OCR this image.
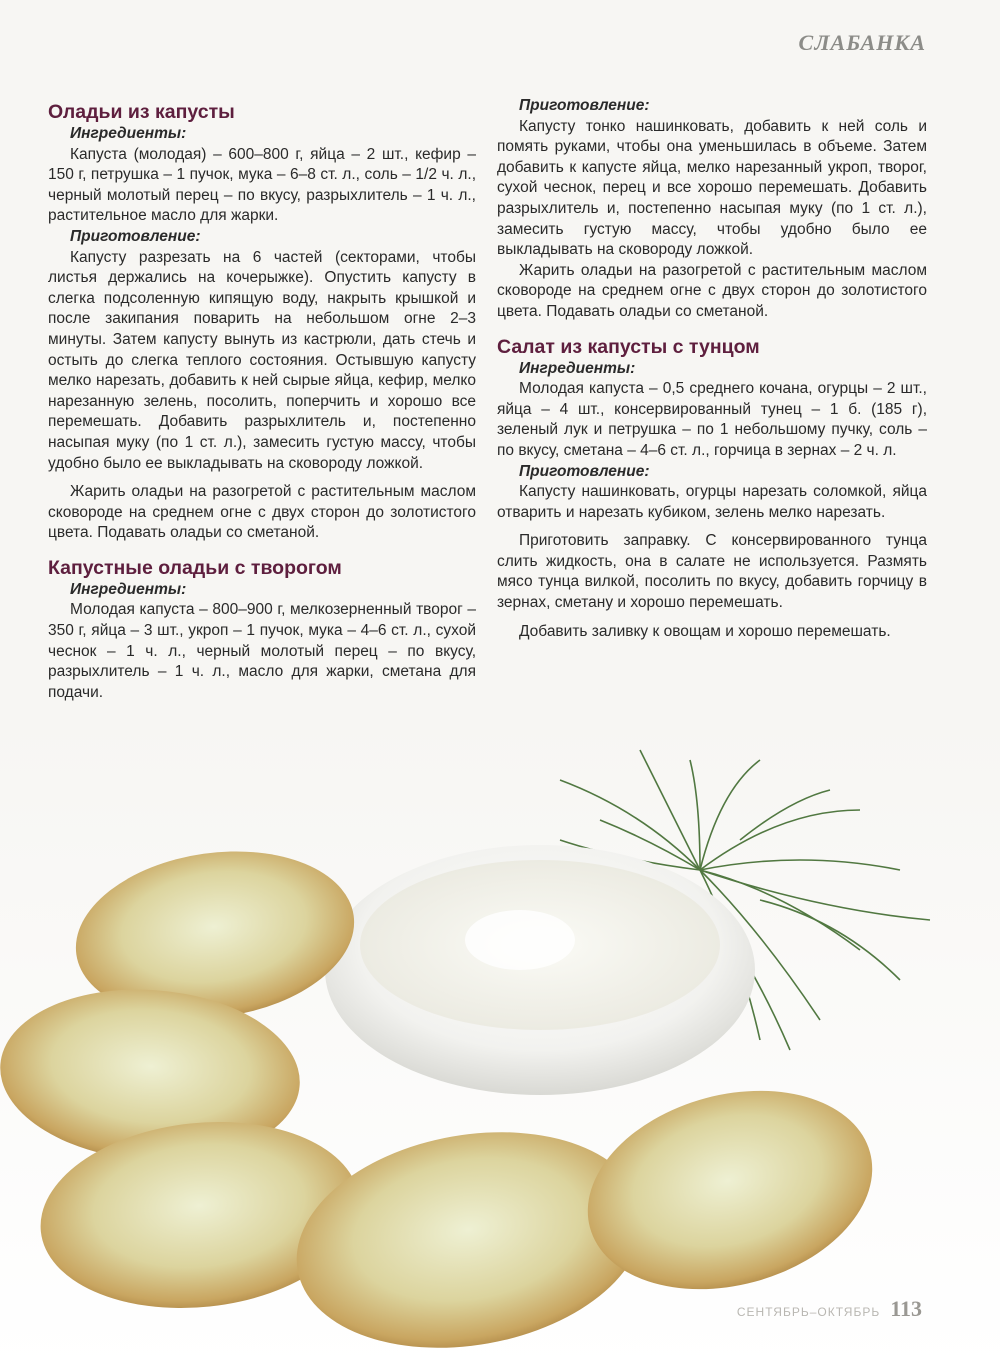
СЛАБАНКА
Оладьи из капусты
Ингредиенты:

Капуста (молодая) – 600–800 г, яйца – 2 шт., кефир – 150 г, петрушка – 1 пучок, мука – 6–8 ст. л., соль – 1/2 ч. л., черный молотый перец – по вкусу, разрыхлитель – 1 ч. л., растительное масло для жарки.

Приготовление:

Капусту разрезать на 6 частей (секторами, чтобы листья держались на кочерыжке). Опустить капусту в слегка подсоленную кипящую воду, накрыть крышкой и после закипания поварить на небольшом огне 2–3 минуты. Затем капусту вынуть из кастрюли, дать стечь и остыть до слегка теплого состояния. Остывшую капусту мелко нарезать, добавить к ней сырые яйца, кефир, мелко нарезанную зелень, посолить, поперчить и хорошо все перемешать. Добавить разрыхлитель и, постепенно насыпая муку (по 1 ст. л.), замесить густую массу, чтобы удобно было ее выкладывать на сковороду ложкой.

Жарить оладьи на разогретой с растительным маслом сковороде на среднем огне с двух сторон до золотистого цвета. Подавать оладьи со сметаной.

Капустные оладьи с творогом
Ингредиенты:

Молодая капуста – 800–900 г, мелкозерненный творог – 350 г, яйца – 3 шт., укроп – 1 пучок, мука – 4–6 ст. л., сухой чеснок – 1 ч. л., черный молотый перец – по вкусу, разрыхлитель – 1 ч. л., масло для жарки, сметана для подачи.

Приготовление:

Капусту тонко нашинковать, добавить к ней соль и помять руками, чтобы она уменьшилась в объеме. Затем добавить к капусте яйца, мелко нарезанный укроп, творог, сухой чеснок, перец и все хорошо перемешать. Добавить разрыхлитель и, постепенно насыпая муку (по 1 ст. л.), замесить густую массу, чтобы удобно было ее выкладывать на сковороду ложкой.

Жарить оладьи на разогретой с растительным маслом сковороде на среднем огне с двух сторон до золотистого цвета. Подавать оладьи со сметаной.

Салат из капусты с тунцом
Ингредиенты:

Молодая капуста – 0,5 среднего кочана, огурцы – 2 шт., яйца – 4 шт., консервированный тунец – 1 б. (185 г), зеленый лук и петрушка – по 1 небольшому пучку, соль – по вкусу, сметана – 4–6 ст. л., горчица в зернах – 2 ч. л.

Приготовление:

Капусту нашинковать, огурцы нарезать соломкой, яйца отварить и нарезать кубиком, зелень мелко нарезать.

Приготовить заправку. С консервированного тунца слить жидкость, она в салате не используется. Размять мясо тунца вилкой, посолить по вкусу, добавить горчицу в зернах, сметану и хорошо перемешать.

Добавить заливку к овощам и хорошо перемешать.

СЕНТЯБРЬ–ОКТЯБРЬ 113
